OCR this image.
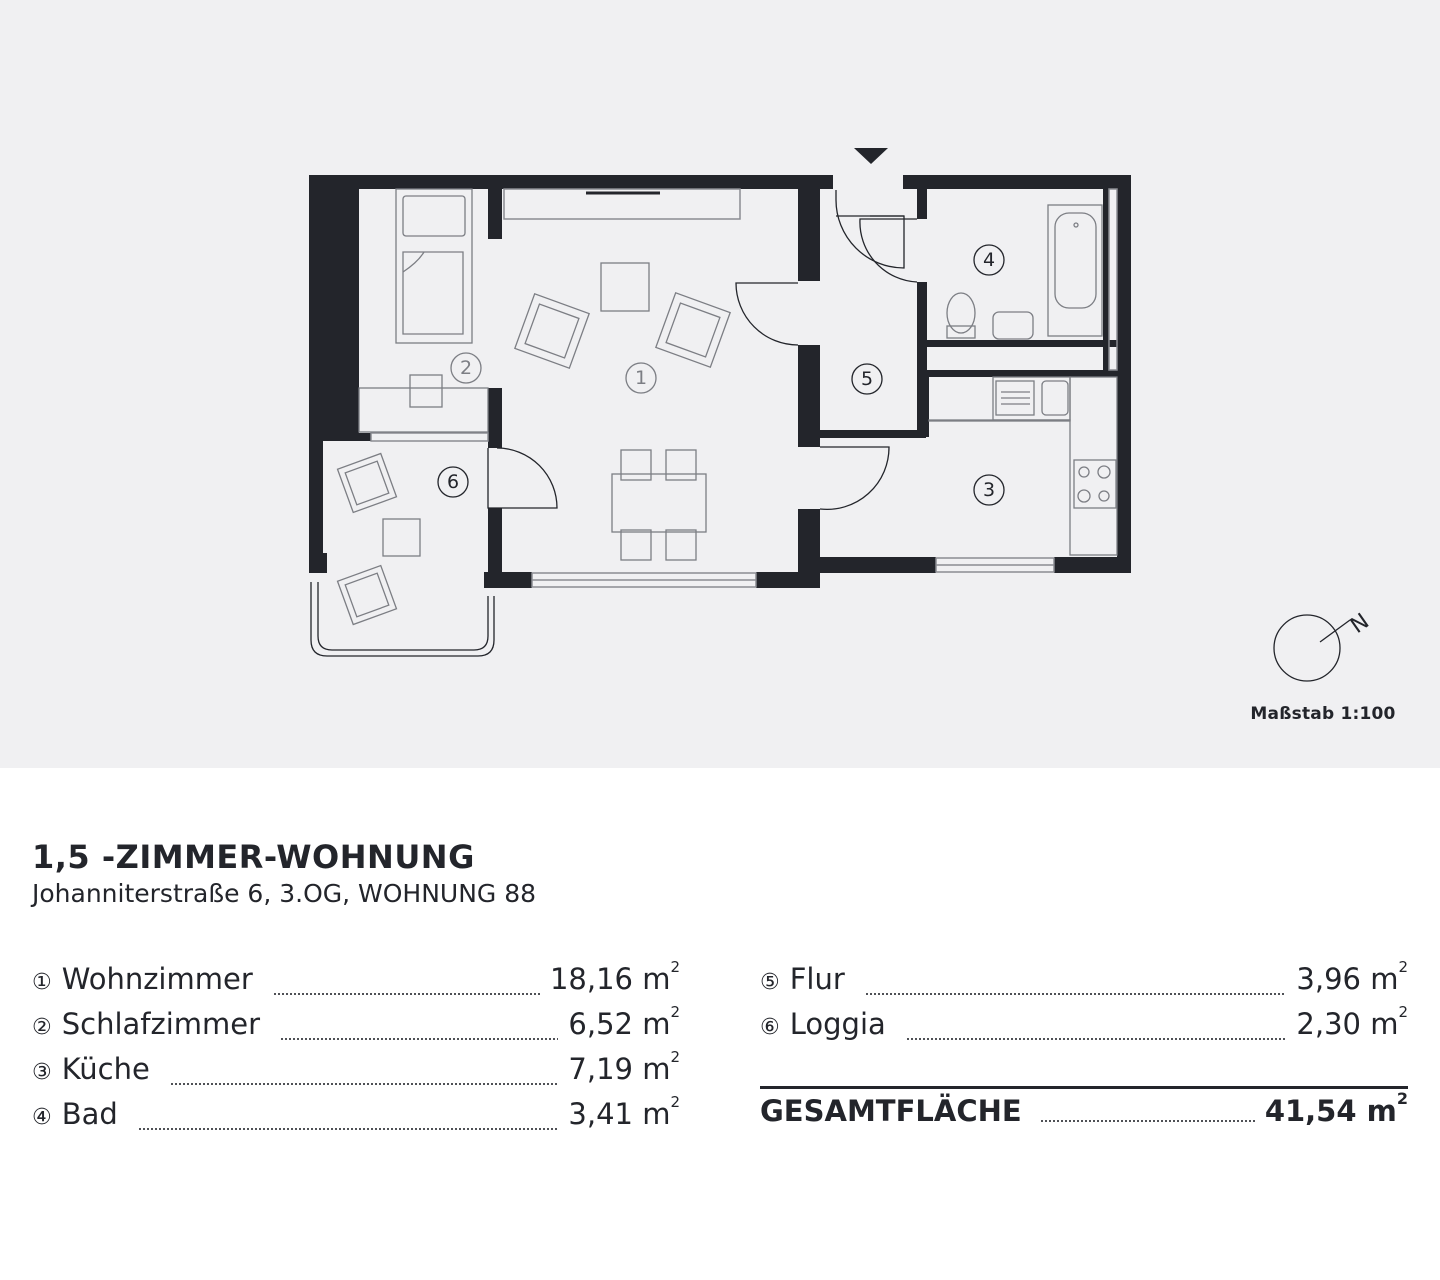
1
2
3
4
5
6
N
Maßstab 1:100
1,5 -ZIMMER-WOHNUNG
Johanniterstraße 6, 3.OG, WOHNUNG 88
① Wohnzimmer	18,16 $m^2$
② Schlafzimmer	6,52 $m^2$
③ Küche	7,19 $m^2$
④ Bad	3,41 $m^2$
⑤ Flur	3,96 $m^2$
⑥ Loggia	2,30 $m^2$
GESAMTFLÄCHE	41,54 $m^2$
